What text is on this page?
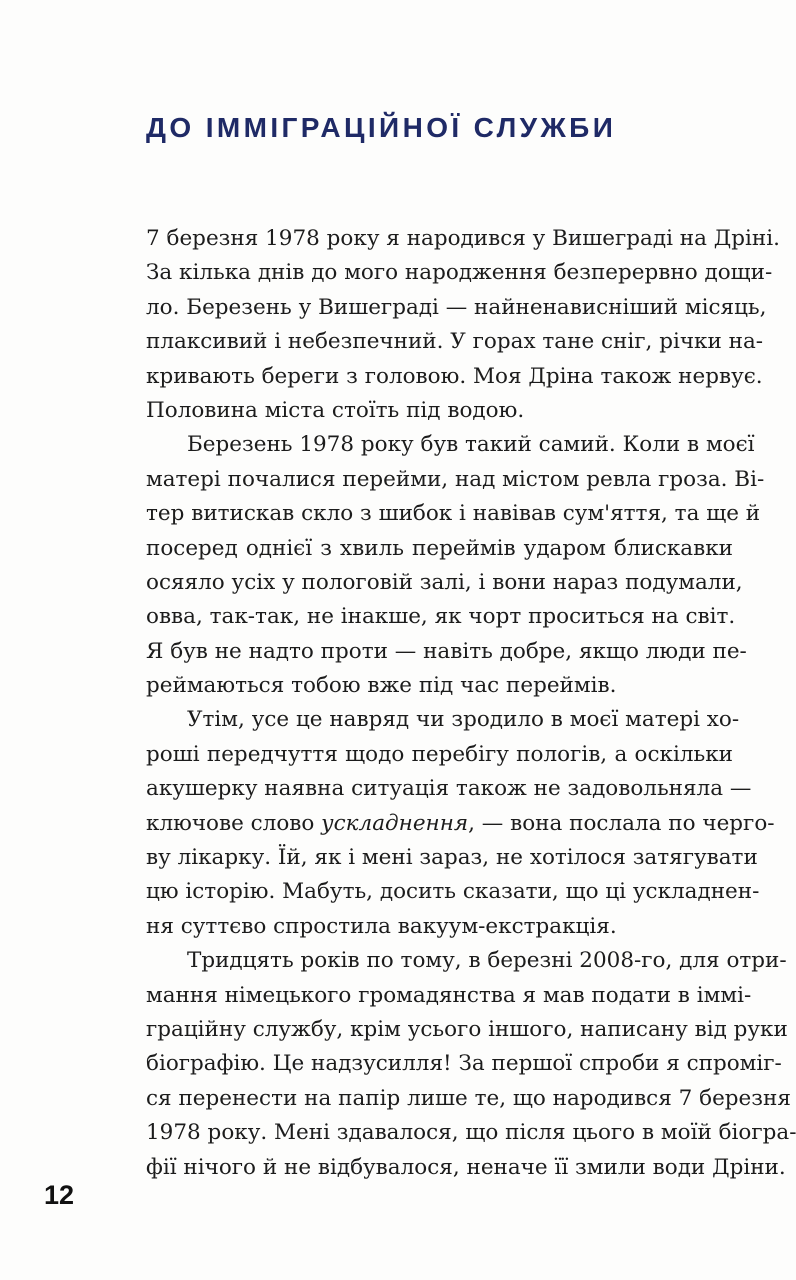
ДО ІММІГРАЦІЙНОЇ СЛУЖБИ
7 березня 1978 року я народився у Вишеграді на Дріні.
За кілька днів до мого народження безперервно дощи-
ло. Березень у Вишеграді — найненависніший місяць,
плаксивий і небезпечний. У горах тане сніг, річки на-
кривають береги з головою. Моя Дріна також нервує.
Половина міста стоїть під водою.
Березень 1978 року був такий самий. Коли в моєї
матері почалися перейми, над містом ревла гроза. Ві-
тер витискав скло з шибок і навівав сум'яття, та ще й
посеред однієї з хвиль переймів ударом блискавки
осяяло усіх у пологовій залі, і вони нараз подумали,
овва, так-так, не інакше, як чорт проситься на світ.
Я був не надто проти — навіть добре, якщо люди пе-
реймаються тобою вже під час переймів.
Утім, усе це навряд чи зродило в моєї матері хо-
роші передчуття щодо перебігу пологів, а оскільки
акушерку наявна ситуація також не задовольняла —
ключове слово ускладнення, — вона послала по черго-
ву лікарку. Їй, як і мені зараз, не хотілося затягувати
цю історію. Мабуть, досить сказати, що ці ускладнен-
ня суттєво спростила вакуум-екстракція.
Тридцять років по тому, в березні 2008-го, для отри-
мання німецького громадянства я мав подати в іммі-
граційну службу, крім усього іншого, написану від руки
біографію. Це надзусилля! За першої спроби я спроміг-
ся перенести на папір лише те, що народився 7 березня
1978 року. Мені здавалося, що після цього в моїй біогра-
фії нічого й не відбувалося, неначе її змили води Дріни.
12
